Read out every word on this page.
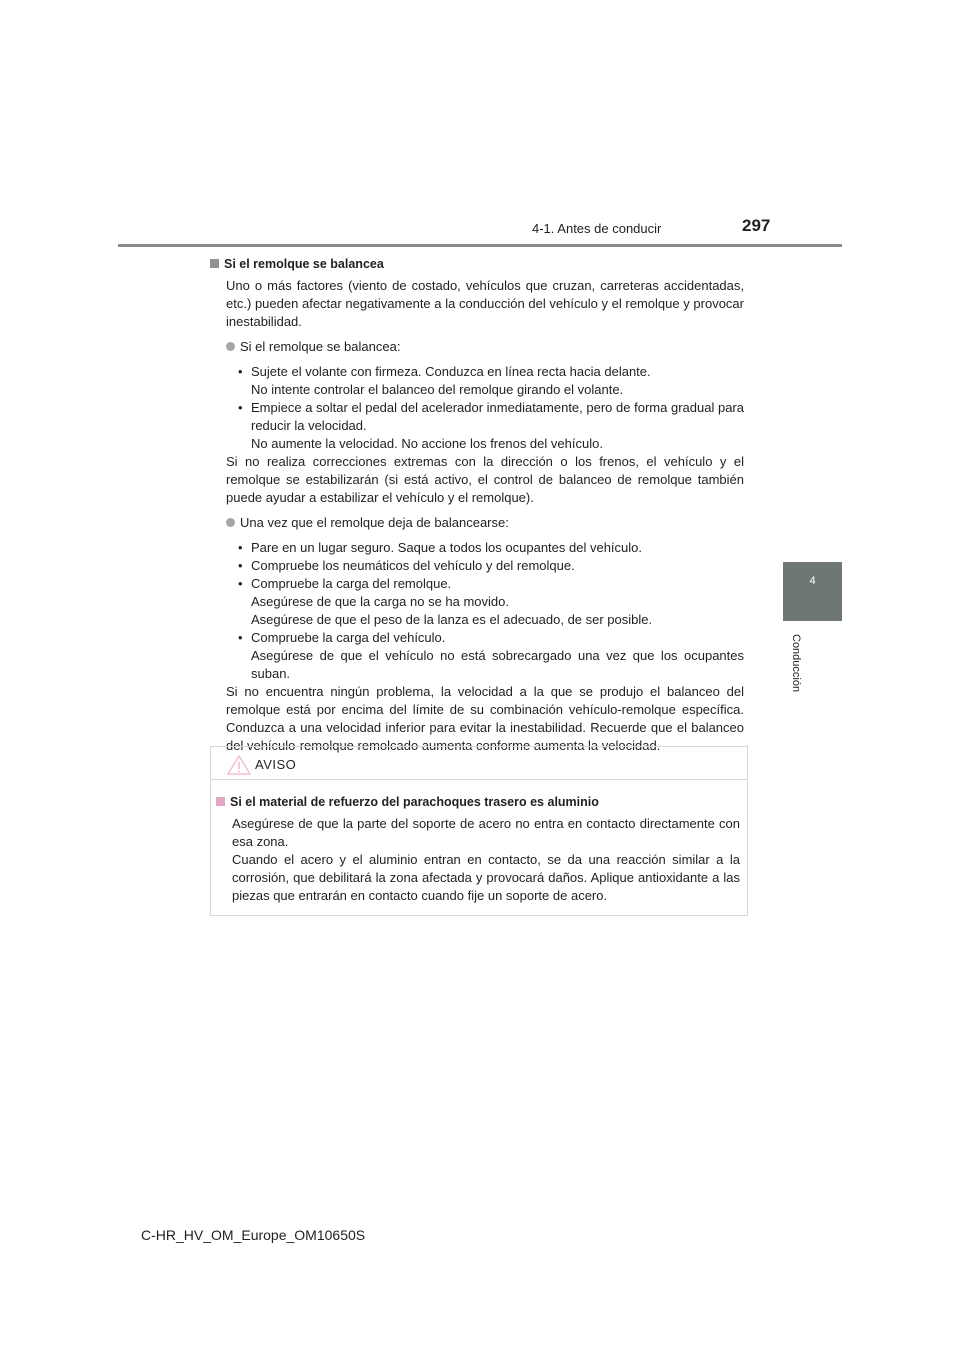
4-1. Antes de conducir	297
4
Conducción

Si el remolque se balancea

Uno o más factores (viento de costado, vehículos que cruzan, carreteras accidentadas, etc.) pueden afectar negativamente a la conducción del vehículo y el remolque y provocar inestabilidad.

Si el remolque se balancea:

• Sujete el volante con firmeza. Conduzca en línea recta hacia delante.

No intente controlar el balanceo del remolque girando el volante.

• Empiece a soltar el pedal del acelerador inmediatamente, pero de forma gradual para reducir la velocidad.

No aumente la velocidad. No accione los frenos del vehículo.

Si no realiza correcciones extremas con la dirección o los frenos, el vehículo y el remolque se estabilizarán (si está activo, el control de balanceo de remolque también puede ayudar a estabilizar el vehículo y el remolque).

Una vez que el remolque deja de balancearse:

• Pare en un lugar seguro. Saque a todos los ocupantes del vehículo.

• Compruebe los neumáticos del vehículo y del remolque.

• Compruebe la carga del remolque.

Asegúrese de que la carga no se ha movido.

Asegúrese de que el peso de la lanza es el adecuado, de ser posible.

• Compruebe la carga del vehículo.

Asegúrese de que el vehículo no está sobrecargado una vez que los ocupantes suban.

Si no encuentra ningún problema, la velocidad a la que se produjo el balanceo del remolque está por encima del límite de su combinación vehículo-remolque específica. Conduzca a una velocidad inferior para evitar la inestabilidad. Recuerde que el balanceo del vehículo-remolque remolcado aumenta conforme aumenta la velocidad.

AVISO

Si el material de refuerzo del parachoques trasero es aluminio

Asegúrese de que la parte del soporte de acero no entra en contacto directamente con esa zona.

Cuando el acero y el aluminio entran en contacto, se da una reacción similar a la corrosión, que debilitará la zona afectada y provocará daños. Aplique antioxidante a las piezas que entrarán en contacto cuando fije un soporte de acero.

C-HR_HV_OM_Europe_OM10650S
